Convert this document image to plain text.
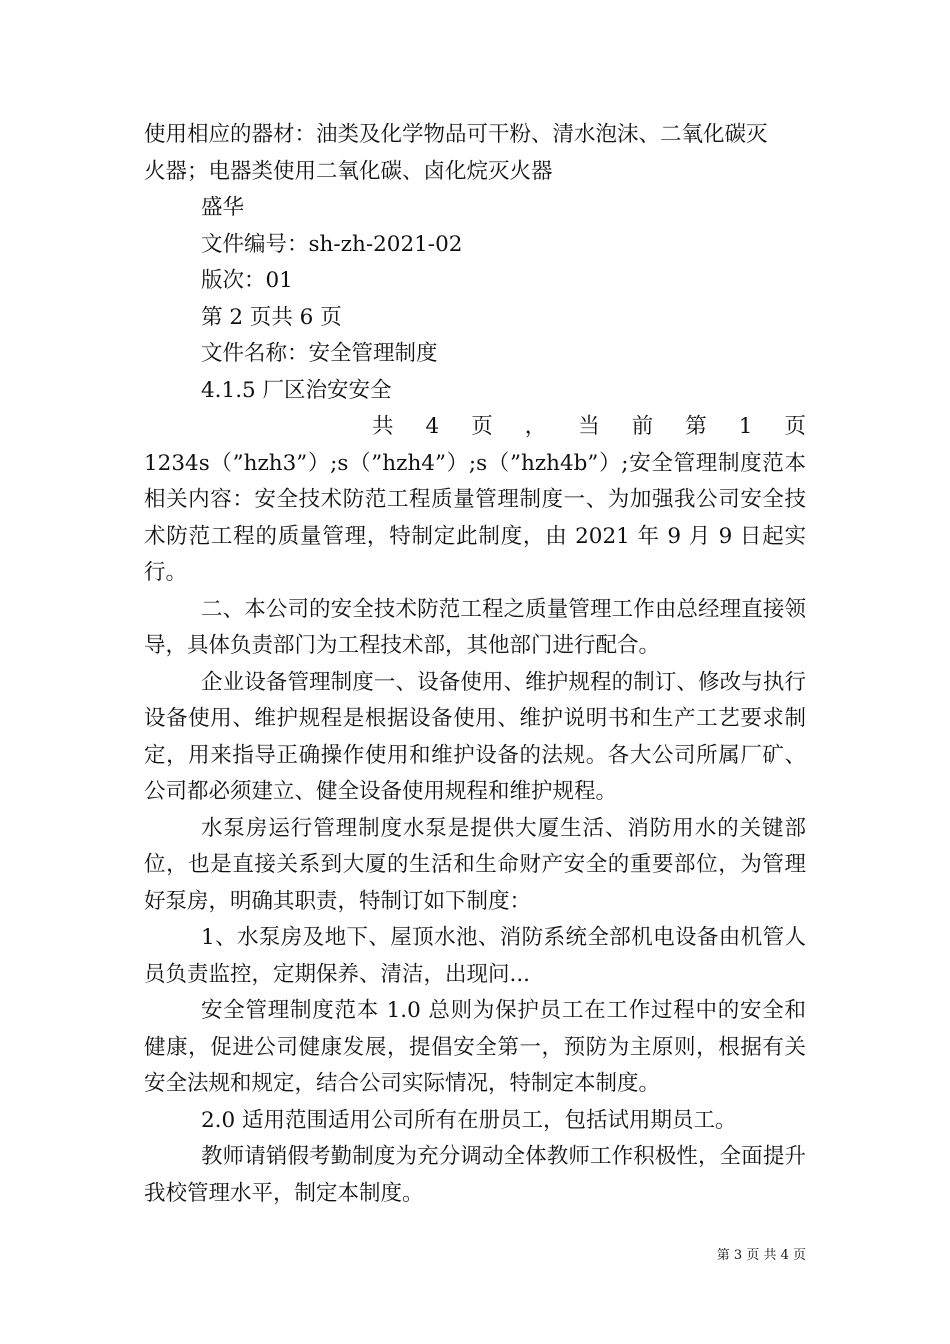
使用相应的器材：油类及化学物品可干粉、清水泡沫、二氧化碳灭
火器；电器类使用二氧化碳、卤化烷灭火器
盛华
文件编号：sh-zh-2021-02
版次：01
第 2 页共 6 页
文件名称：安全管理制度
4.1.5 厂区治安安全
共 4 页 ， 当 前 第 1 页

1234s（”hzh3”）;s（”hzh4”）;s（”hzh4b”）;安全管理制度范本相关内容：安全技术防范工程质量管理制度一、为加强我公司安全技术防范工程的质量管理，特制定此制度，由 2021 年 9 月 9 日起实行。

二、本公司的安全技术防范工程之质量管理工作由总经理直接领导，具体负责部门为工程技术部，其他部门进行配合。

企业设备管理制度一、设备使用、维护规程的制订、修改与执行设备使用、维护规程是根据设备使用、维护说明书和生产工艺要求制定，用来指导正确操作使用和维护设备的法规。各大公司所属厂矿、公司都必须建立、健全设备使用规程和维护规程。

水泵房运行管理制度水泵是提供大厦生活、消防用水的关键部位，也是直接关系到大厦的生活和生命财产安全的重要部位，为管理好泵房，明确其职责，特制订如下制度：

1、水泵房及地下、屋顶水池、消防系统全部机电设备由机管人员负责监控，定期保养、清洁，出现问...

安全管理制度范本 1.0 总则为保护员工在工作过程中的安全和健康，促进公司健康发展，提倡安全第一，预防为主原则，根据有关安全法规和规定，结合公司实际情况，特制定本制度。

2.0 适用范围适用公司所有在册员工，包括试用期员工。

教师请销假考勤制度为充分调动全体教师工作积极性，全面提升我校管理水平，制定本制度。

第 3 页 共 4 页
